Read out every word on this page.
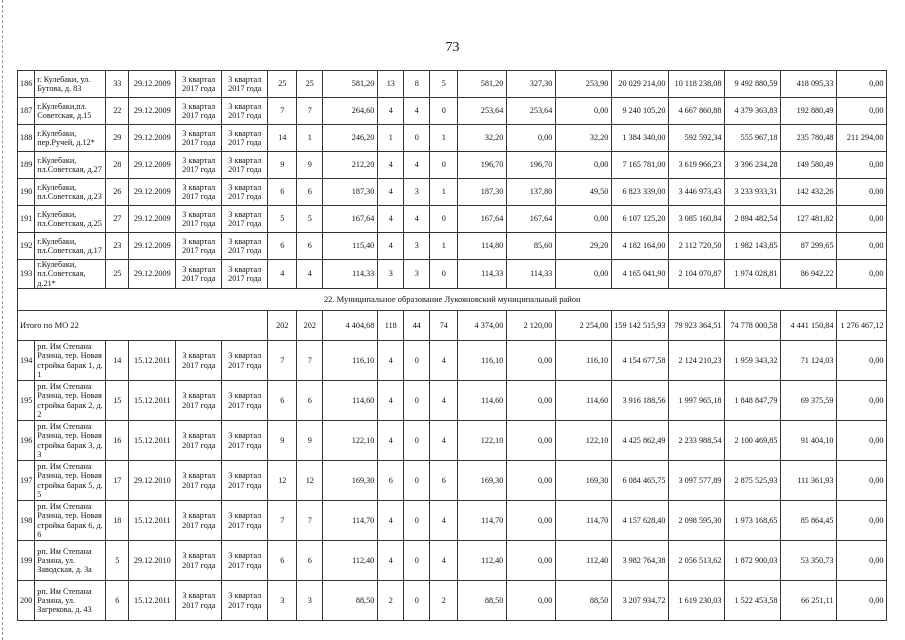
73
186	г. Кулебаки, ул. Бутова, д. 83	33	29.12.2009	3 квартал 2017 года	3 квартал 2017 года	25	25	581,20	13	8	5	581,20	327,30	253,90	20 029 214,00	10 118 238,08	9 492 880,59	418 095,33	0,00
187	г.Кулебаки,пл. Советская, д.15	22	29.12.2009	3 квартал 2017 года	3 квартал 2017 года	7	7	264,60	4	4	0	253,64	253,64	0,00	9 240 105,20	4 667 860,88	4 379 363,83	192 880,49	0,00
188	г.Кулебаки, пер.Ручей, д.12*	29	29.12.2009	3 квартал 2017 года	3 квартал 2017 года	14	1	246,20	1	0	1	32,20	0,00	32,20	1 384 340,00	592 592,34	555 967,18	235 780,48	211 294,00
189	г.Кулебаки, пл.Советская, д.27	28	29.12.2009	3 квартал 2017 года	3 квартал 2017 года	9	9	212,20	4	4	0	196,70	196,70	0,00	7 165 781,00	3 619 966,23	3 396 234,28	149 580,49	0,00
190	г.Кулебаки, пл.Советская, д.23	26	29.12.2009	3 квартал 2017 года	3 квартал 2017 года	6	6	187,30	4	3	1	187,30	137,80	49,50	6 823 339,00	3 446 973,43	3 233 933,31	142 432,26	0,00
191	г.Кулебаки, пл.Советская, д.25	27	29.12.2009	3 квартал 2017 года	3 квартал 2017 года	5	5	167,64	4	4	0	167,64	167,64	0,00	6 107 125,20	3 085 160,84	2 894 482,54	127 481,82	0,00
192	г.Кулебаки, пл.Советская, д.17	23	29.12.2009	3 квартал 2017 года	3 квартал 2017 года	6	6	115,40	4	3	1	114,80	85,60	29,20	4 182 164,00	2 112 720,50	1 982 143,85	87 299,65	0,00
193	г.Кулебаки, пл.Советская, д.21*	25	29.12.2009	3 квартал 2017 года	3 квартал 2017 года	4	4	114,33	3	3	0	114,33	114,33	0,00	4 165 041,90	2 104 070,87	1 974 028,81	86 942,22	0,00
22. Муниципальное образование Лукояновский муниципальный район																			
Итого по МО 22						202	202	4 404,68	118	44	74	4 374,00	2 120,00	2 254,00	159 142 515,93	79 923 364,51	74 778 000,58	4 441 150,84	1 276 467,12
194	рп. Им Степана Разина, тер. Новая стройка барак 1, д. 1	14	15.12.2011	3 квартал 2017 года	3 квартал 2017 года	7	7	116,10	4	0	4	116,10	0,00	116,10	4 154 677,58	2 124 210,23	1 959 343,32	71 124,03	0,00
195	рп. Им Степана Разина, тер. Новая стройка барак 2, д. 2	15	15.12.2011	3 квартал 2017 года	3 квартал 2017 года	6	6	114,60	4	0	4	114,60	0,00	114,60	3 916 188,56	1 997 965,18	1 848 847,79	69 375,59	0,00
196	рп. Им Степана Разина, тер. Новая стройка барак 3, д. 3	16	15.12.2011	3 квартал 2017 года	3 квартал 2017 года	9	9	122,10	4	0	4	122,10	0,00	122,10	4 425 862,49	2 233 988,54	2 100 469,85	91 404,10	0,00
197	рп. Им Степана Разина, тер. Новая стройка барак 5, д. 5	17	29.12.2010	3 квартал 2017 года	3 квартал 2017 года	12	12	169,30	6	0	6	169,30	0,00	169,30	6 084 465,75	3 097 577,89	2 875 525,93	111 361,93	0,00
198	рп. Им Степана Разина, тер. Новая стройка барак 6, д. 6	18	15.12.2011	3 квартал 2017 года	3 квартал 2017 года	7	7	114,70	4	0	4	114,70	0,00	114,70	4 157 628,40	2 098 595,30	1 973 168,65	85 864,45	0,00
199	рп. Им Степана Разина, ул. Заводская, д. 3а	5	29.12.2010	3 квартал 2017 года	3 квартал 2017 года	6	6	112,40	4	0	4	112,40	0,00	112,40	3 982 764,38	2 056 513,62	1 872 900,03	53 350,73	0,00
200	рп. Им Степана Разина, ул. Загрекова, д. 43	6	15.12.2011	3 квартал 2017 года	3 квартал 2017 года	3	3	88,50	2	0	2	88,50	0,00	88,50	3 207 934,72	1 619 230,03	1 522 453,58	66 251,11	0,00
